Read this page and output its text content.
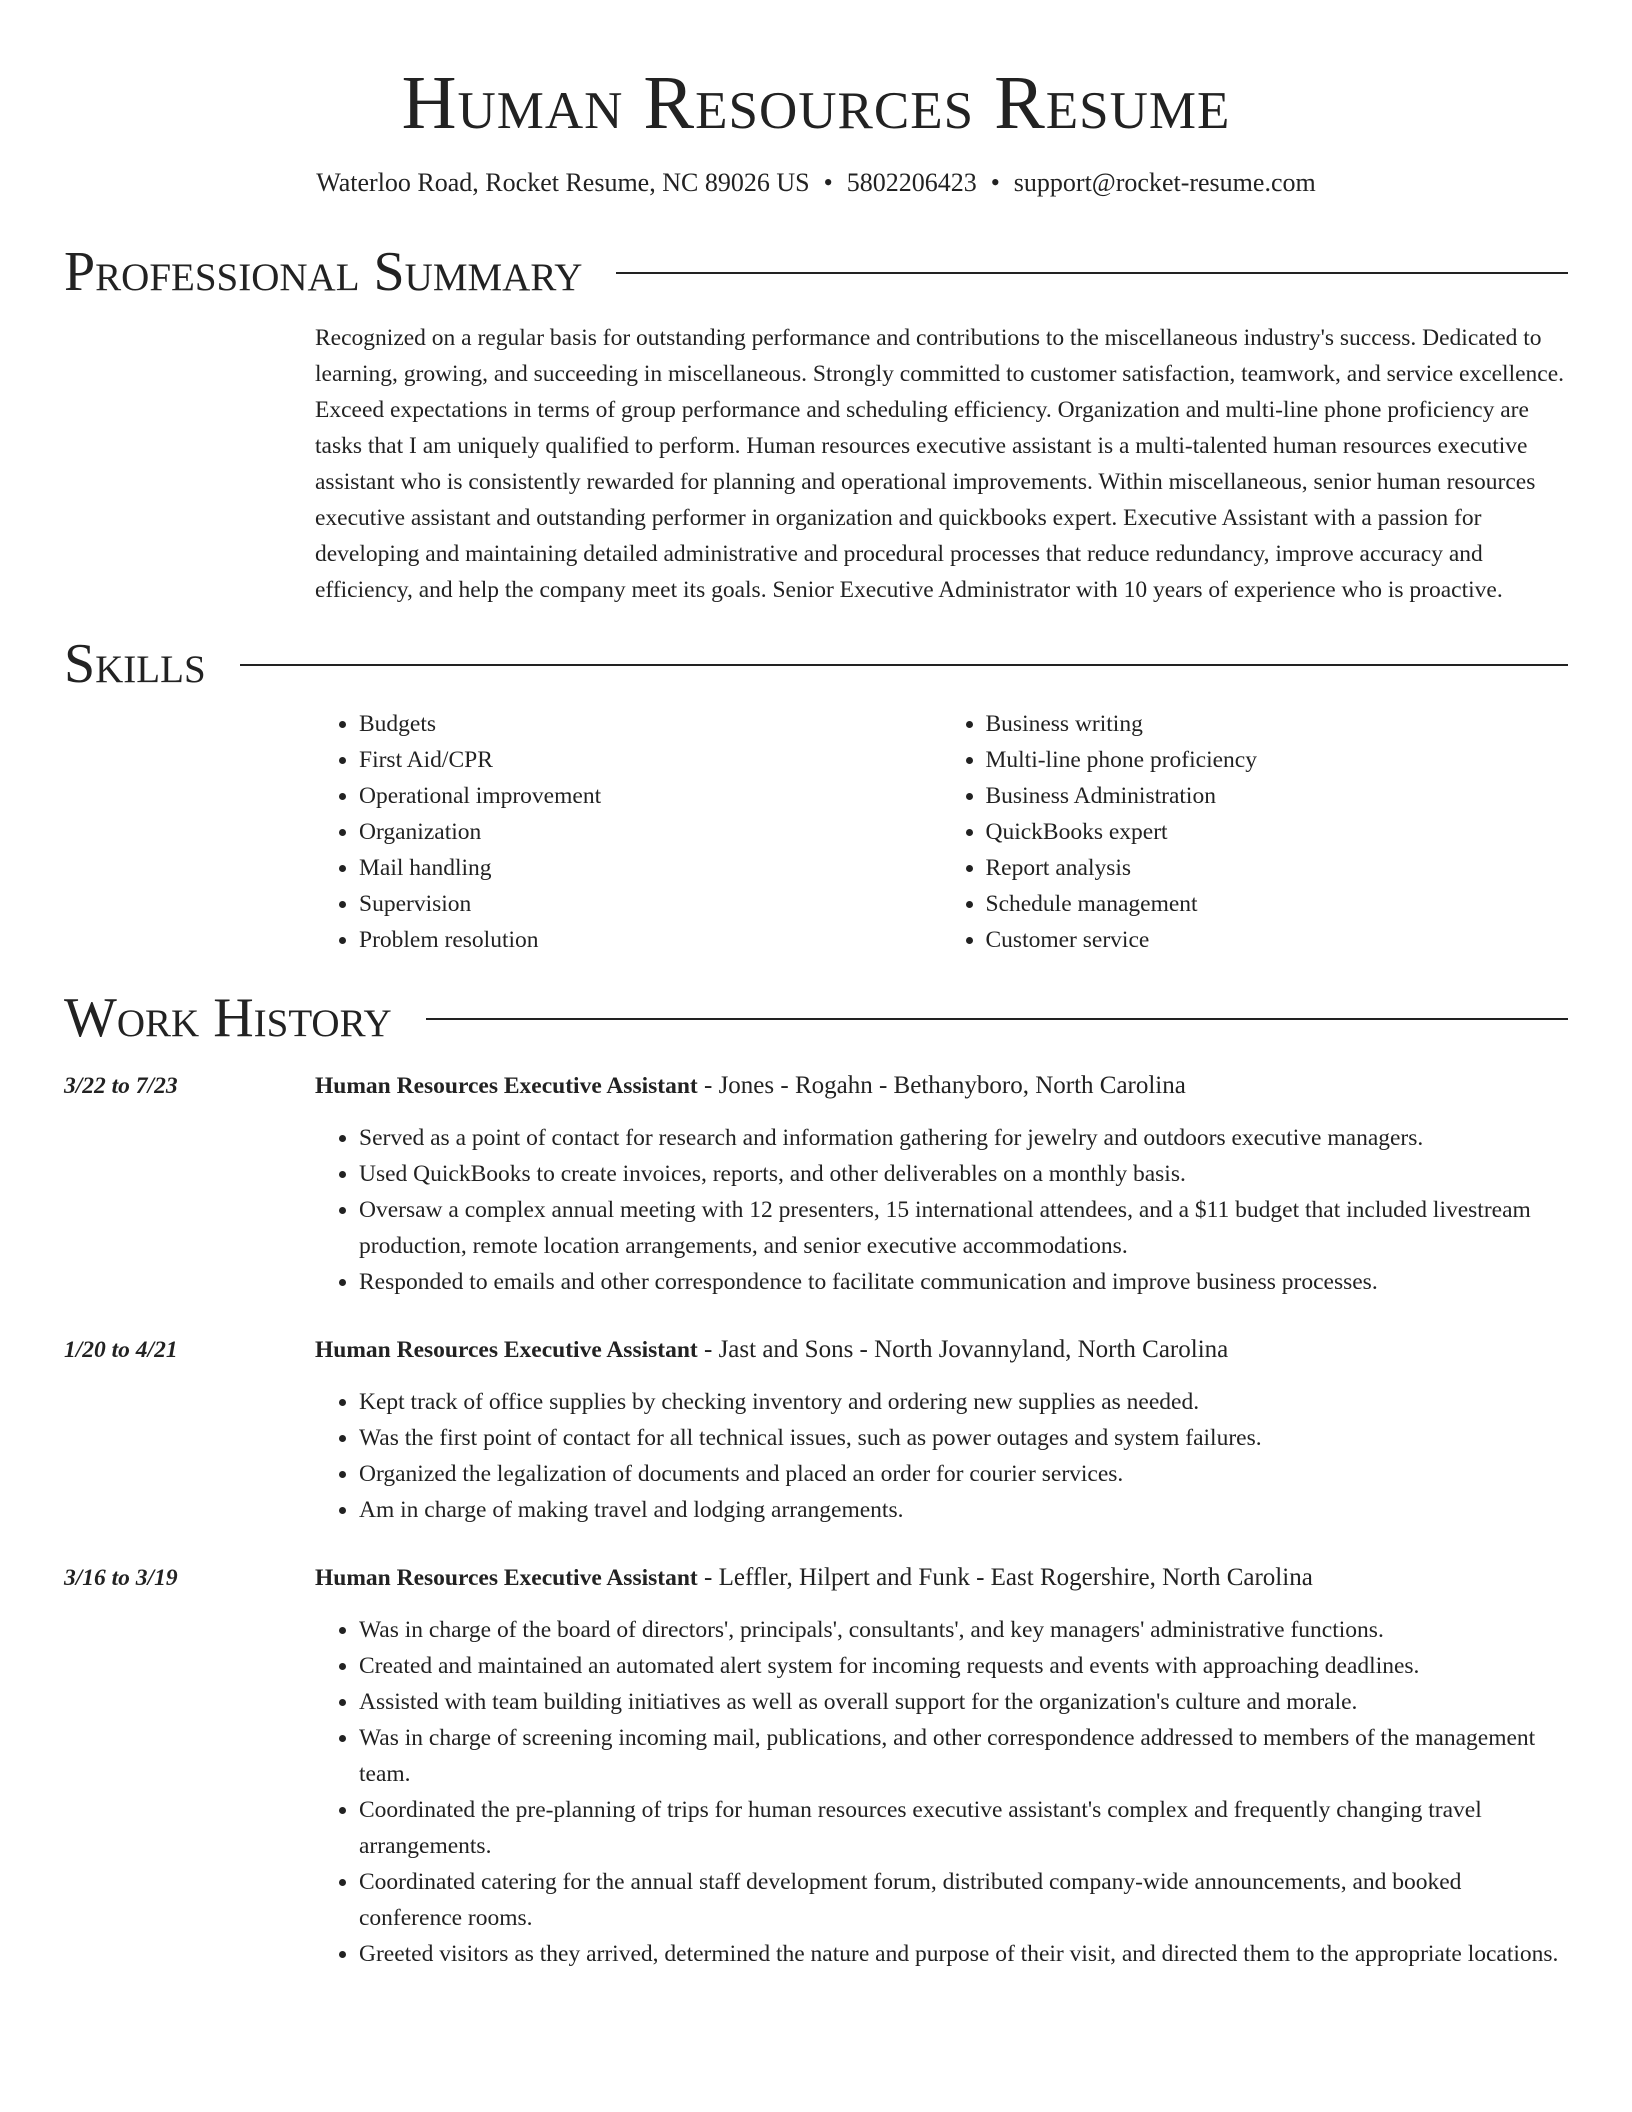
Human Resources Resume
Waterloo Road, Rocket Resume, NC 89026 US • 5802206423 • support@rocket-resume.com
Professional Summary
Recognized on a regular basis for outstanding performance and contributions to the miscellaneous industry's success. Dedicated to learning, growing, and succeeding in miscellaneous. Strongly committed to customer satisfaction, teamwork, and service excellence. Exceed expectations in terms of group performance and scheduling efficiency. Organization and multi-line phone proficiency are tasks that I am uniquely qualified to perform. Human resources executive assistant is a multi-talented human resources executive assistant who is consistently rewarded for planning and operational improvements. Within miscellaneous, senior human resources executive assistant and outstanding performer in organization and quickbooks expert. Executive Assistant with a passion for developing and maintaining detailed administrative and procedural processes that reduce redundancy, improve accuracy and efficiency, and help the company meet its goals. Senior Executive Administrator with 10 years of experience who is proactive.
Skills
• Budgets
• First Aid/CPR
• Operational improvement
• Organization
• Mail handling
• Supervision
• Problem resolution
• Business writing
• Multi-line phone proficiency
• Business Administration
• QuickBooks expert
• Report analysis
• Schedule management
• Customer service
Work History
3/22 to 7/23	Human Resources Executive Assistant - Jones - Rogahn - Bethanyboro, North Carolina
• Served as a point of contact for research and information gathering for jewelry and outdoors executive managers.
• Used QuickBooks to create invoices, reports, and other deliverables on a monthly basis.
• Oversaw a complex annual meeting with 12 presenters, 15 international attendees, and a $11 budget that included livestream production, remote location arrangements, and senior executive accommodations.
• Responded to emails and other correspondence to facilitate communication and improve business processes.
1/20 to 4/21	Human Resources Executive Assistant - Jast and Sons - North Jovannyland, North Carolina
• Kept track of office supplies by checking inventory and ordering new supplies as needed.
• Was the first point of contact for all technical issues, such as power outages and system failures.
• Organized the legalization of documents and placed an order for courier services.
• Am in charge of making travel and lodging arrangements.
3/16 to 3/19	Human Resources Executive Assistant - Leffler, Hilpert and Funk - East Rogershire, North Carolina
• Was in charge of the board of directors', principals', consultants', and key managers' administrative functions.
• Created and maintained an automated alert system for incoming requests and events with approaching deadlines.
• Assisted with team building initiatives as well as overall support for the organization's culture and morale.
• Was in charge of screening incoming mail, publications, and other correspondence addressed to members of the management team.
• Coordinated the pre-planning of trips for human resources executive assistant's complex and frequently changing travel arrangements.
• Coordinated catering for the annual staff development forum, distributed company-wide announcements, and booked conference rooms.
• Greeted visitors as they arrived, determined the nature and purpose of their visit, and directed them to the appropriate locations.
